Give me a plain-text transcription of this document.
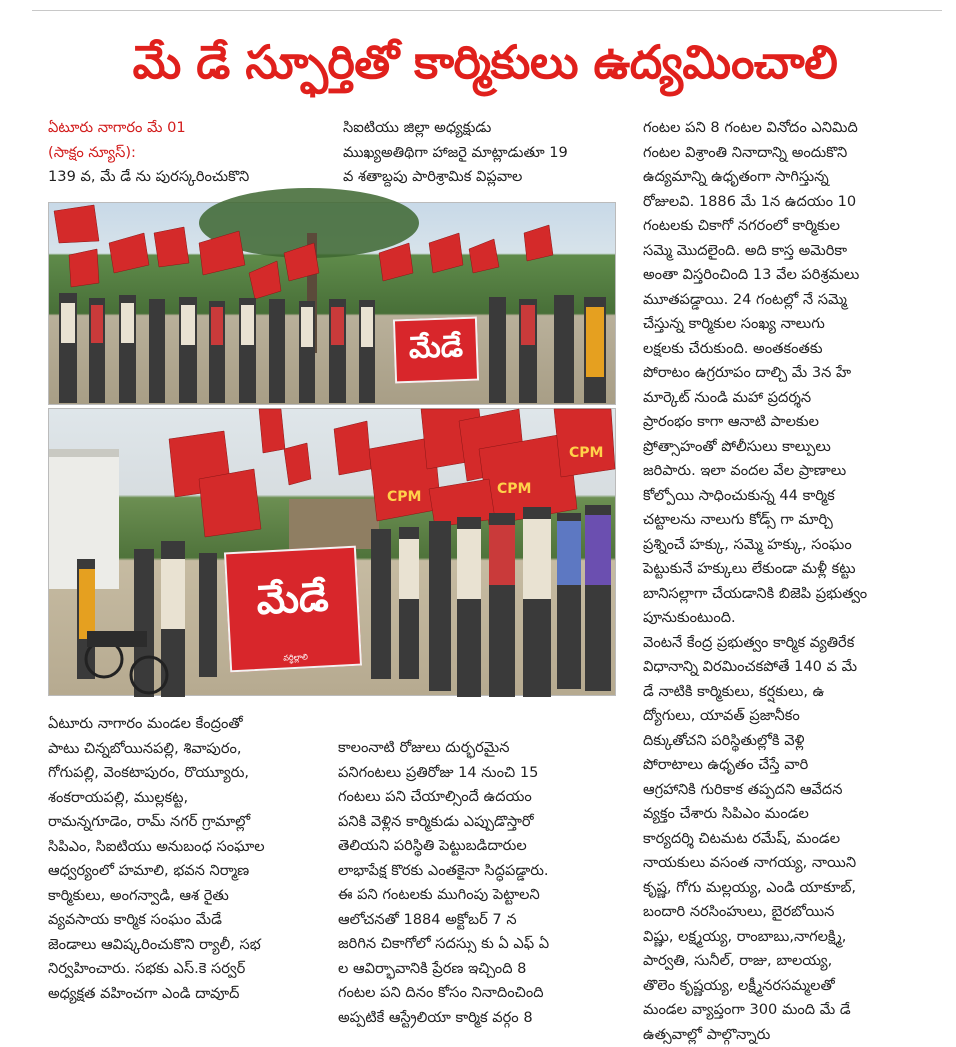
మే డే స్ఫూర్తితో కార్మికులు ఉద్యమించాలి

ఏటూరు నాగారం మే 01

(సాక్షం న్యూస్):

139 వ, మే డే ను పురస్కరించుకొని

సిఐటియు జిల్లా అధ్యక్షుడు

ముఖ్యఅతిథిగా హాజరై మాట్లాడుతూ 19

వ శతాబ్దపు పారిశ్రామిక విప్లవాల

గంటల పని 8 గంటల వినోదం ఎనిమిది

గంటల విశ్రాంతి నినాదాన్ని అందుకొని

ఉద్యమాన్ని ఉధృతంగా సాగిస్తున్న

రోజులవి. 1886 మే 1న ఉదయం 10

గంటలకు చికాగో నగరంలో కార్మికుల

సమ్మె మొదలైంది. అది కాస్త అమెరికా

అంతా విస్తరించింది 13 వేల పరిశ్రమలు

మూతపడ్డాయి. 24 గంటల్లో నే సమ్మె

చేస్తున్న కార్మికుల సంఖ్య నాలుగు

లక్షలకు చేరుకుంది. అంతకంతకు

పోరాటం ఉగ్రరూపం దాల్చి మే 3న హే

మార్కెట్ నుండి మహా ప్రదర్శన

ప్రారంభం కాగా ఆనాటి పాలకుల

ప్రోత్సాహంతో పోలీసులు కాల్పులు

జరిపారు. ఇలా వందల వేల ప్రాణాలు

కోల్పోయి సాధించుకున్న 44 కార్మిక

చట్టాలను నాలుగు కోడ్స్ గా మార్చి

ప్రశ్నించే హక్కు, సమ్మె హక్కు, సంఘం

పెట్టుకునే హక్కులు లేకుండా మళ్లీ కట్టు

బానిసల్లాగా చేయడానికి బిజెపి ప్రభుత్వం

పూనుకుంటుంది.

వెంటనే కేంద్ర ప్రభుత్వం కార్మిక వ్యతిరేక

విధానాన్ని విరమించకపోతే 140 వ మే

డే నాటికి కార్మికులు, కర్షకులు, ఉ

ద్యోగులు, యావత్ ప్రజానీకం

దిక్కుతోచని పరిస్థితుల్లోకి వెళ్లి

పోరాటాలు ఉధృతం చేస్తే వారి

ఆగ్రహానికి గురికాక తప్పదని ఆవేదన

వ్యక్తం చేశారు సిపిఎం మండల

కార్యదర్శి చిటమట రమేష్, మండల

నాయకులు వసంత నాగయ్య, నాయిని

కృష్ణ, గోగు మల్లయ్య, ఎండి యాకూబ్,

బందారి నరసింహులు, బైరబోయిన

విష్ణు, లక్ష్మయ్య, రాంబాబు,నాగలక్ష్మి,

పార్వతి, సునీల్, రాజు, బాలయ్య,

తొలెం కృష్ణయ్య, లక్ష్మీనరసమ్మలతో

మండల వ్యాప్తంగా 300 మంది మే డే

ఉత్సవాల్లో పాల్గొన్నారు

మేడే
CPM	CPM
CPM
మేడే
వర్ధిల్లాలి

ఏటూరు నాగారం మండల కేంద్రంతో

పాటు చిన్నబోయినపల్లి, శివాపురం,

గోగుపల్లి, వెంకటాపురం, రొయ్యూరు,

శంకరాయపల్లి, ముల్లకట్ట,

రామన్నగూడెం, రామ్ నగర్ గ్రామాల్లో

సిపిఎం, సిఐటియు అనుబంధ సంఘాల

ఆధ్వర్యంలో హమాలి, భవన నిర్మాణ

కార్మికులు, అంగన్వాడి, ఆశ రైతు

వ్యవసాయ కార్మిక సంఘం మేడే

జెండాలు ఆవిష్కరించుకొని ర్యాలీ, సభ

నిర్వహించారు. సభకు ఎస్.కె సర్వర్

అధ్యక్షత వహించగా ఎండి దావూద్

కాలంనాటి రోజులు దుర్భరమైన

పనిగంటలు ప్రతిరోజు 14 నుంచి 15

గంటలు పని చేయాల్సిందే ఉదయం

పనికి వెళ్లిన కార్మికుడు ఎప్పుడొస్తారో

తెలియని పరిస్థితి పెట్టుబడిదారుల

లాభాపేక్ష కొరకు ఎంతకైనా సిద్ధపడ్డారు.

ఈ పని గంటలకు ముగింపు పెట్టాలని

ఆలోచనతో 1884 అక్టోబర్ 7 న

జరిగిన చికాగోలో సదస్సు కు ఏ ఎఫ్ ఏ

ల ఆవిర్భావానికి ప్రేరణ ఇచ్చింది 8

గంటల పని దినం కోసం నినాదించింది

అప్పటికే ఆస్ట్రేలియా కార్మిక వర్గం 8
